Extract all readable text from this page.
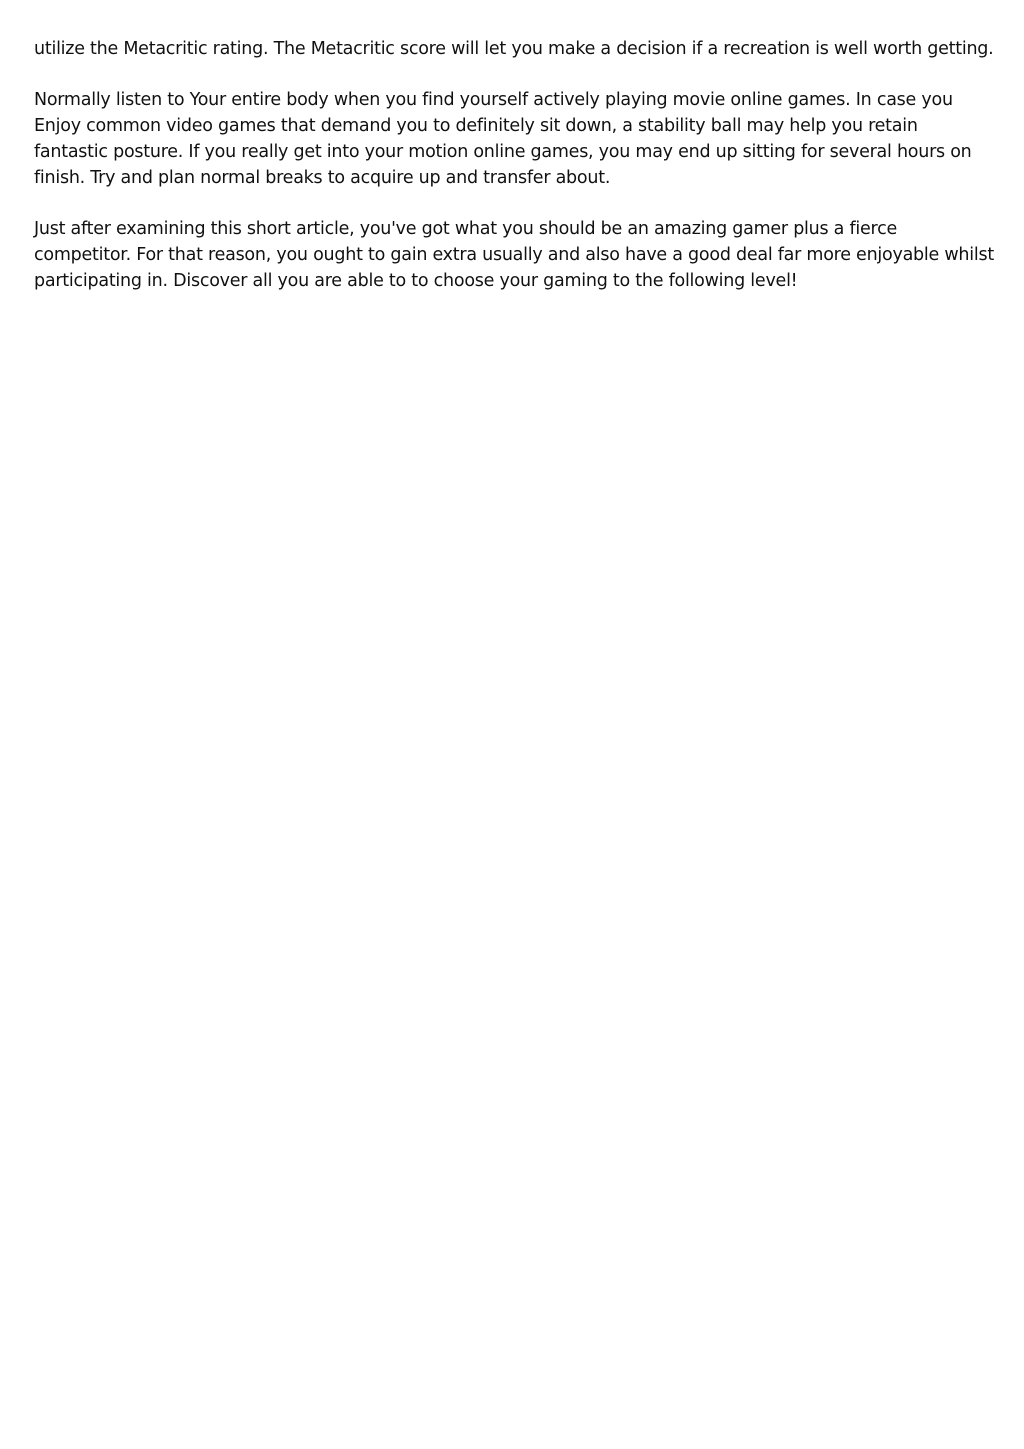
utilize the Metacritic rating. The Metacritic score will let you make a decision if a recreation is well worth getting.

Normally listen to Your entire body when you find yourself actively playing movie online games. In case you Enjoy common video games that demand you to definitely sit down, a stability ball may help you retain fantastic posture. If you really get into your motion online games, you may end up sitting for several hours on finish. Try and plan normal breaks to acquire up and transfer about.

Just after examining this short article, you've got what you should be an amazing gamer plus a fierce competitor. For that reason, you ought to gain extra usually and also have a good deal far more enjoyable whilst participating in. Discover all you are able to to choose your gaming to the following level!
